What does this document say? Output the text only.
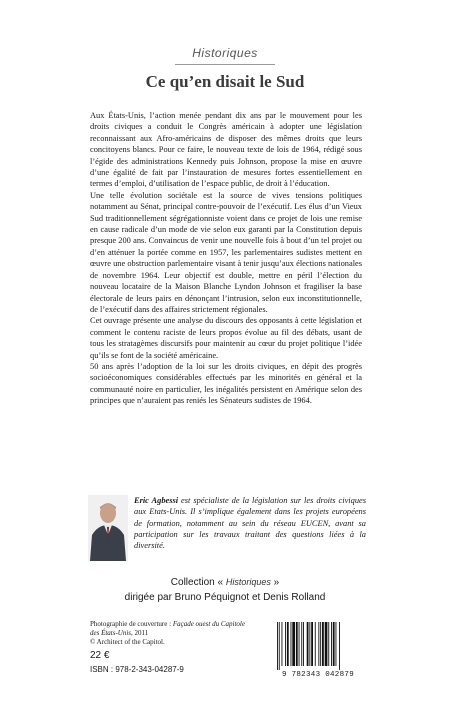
Historiques
Ce qu’en disait le Sud

Aux États-Unis, l’action menée pendant dix ans par le mouvement pour les droits civiques a conduit le Congrès américain à adopter une législation reconnaissant aux Afro-américains de disposer des mêmes droits que leurs concitoyens blancs. Pour ce faire, le nouveau texte de lois de 1964, rédigé sous l’égide des administrations Kennedy puis Johnson, propose la mise en œuvre d’une égalité de fait par l’instauration de mesures fortes essentiellement en termes d’emploi, d’utilisation de l’espace public, de droit à l’éducation.

Une telle évolution sociétale est la source de vives tensions politiques notamment au Sénat, principal contre-pouvoir de l’exécutif. Les élus d’un Vieux Sud traditionnellement ségrégationniste voient dans ce projet de lois une remise en cause radicale d’un mode de vie selon eux garanti par la Constitution depuis presque 200 ans. Convaincus de venir une nouvelle fois à bout d’un tel projet ou d’en atténuer la portée comme en 1957, les parlementaires sudistes mettent en œuvre une obstruction parlementaire visant à tenir jusqu’aux élections nationales de novembre 1964. Leur objectif est double, mettre en péril l’élection du nouveau locataire de la Maison Blanche Lyndon Johnson et fragiliser la base électorale de leurs pairs en dénonçant l’intrusion, selon eux inconstitutionnelle, de l’exécutif dans des affaires strictement régionales.

Cet ouvrage présente une analyse du discours des opposants à cette législation et comment le contenu raciste de leurs propos évolue au fil des débats, usant de tous les stratagèmes discursifs pour maintenir au cœur du projet politique l’idée qu’ils se font de la société américaine.

50 ans après l’adoption de la loi sur les droits civiques, en dépit des progrès socioéconomiques considérables effectués par les minorités en général et la communauté noire en particulier, les inégalités persistent en Amérique selon des principes que n’auraient pas reniés les Sénateurs sudistes de 1964.

Eric Agbessi est spécialiste de la législation sur les droits civiques aux Etats-Unis. Il s’implique également dans les projets européens de formation, notamment au sein du réseau EUCEN, avant sa participation sur les travaux traitant des questions liées à la diversité.
Collection « Historiques »
dirigée par Bruno Péquignot et Denis Rolland
Photographie de couverture : Façade ouest du Capitole des États-Unis, 2011
© Architect of the Capitol.
22 €
ISBN : 978-2-343-04287-9
9 782343 042879
